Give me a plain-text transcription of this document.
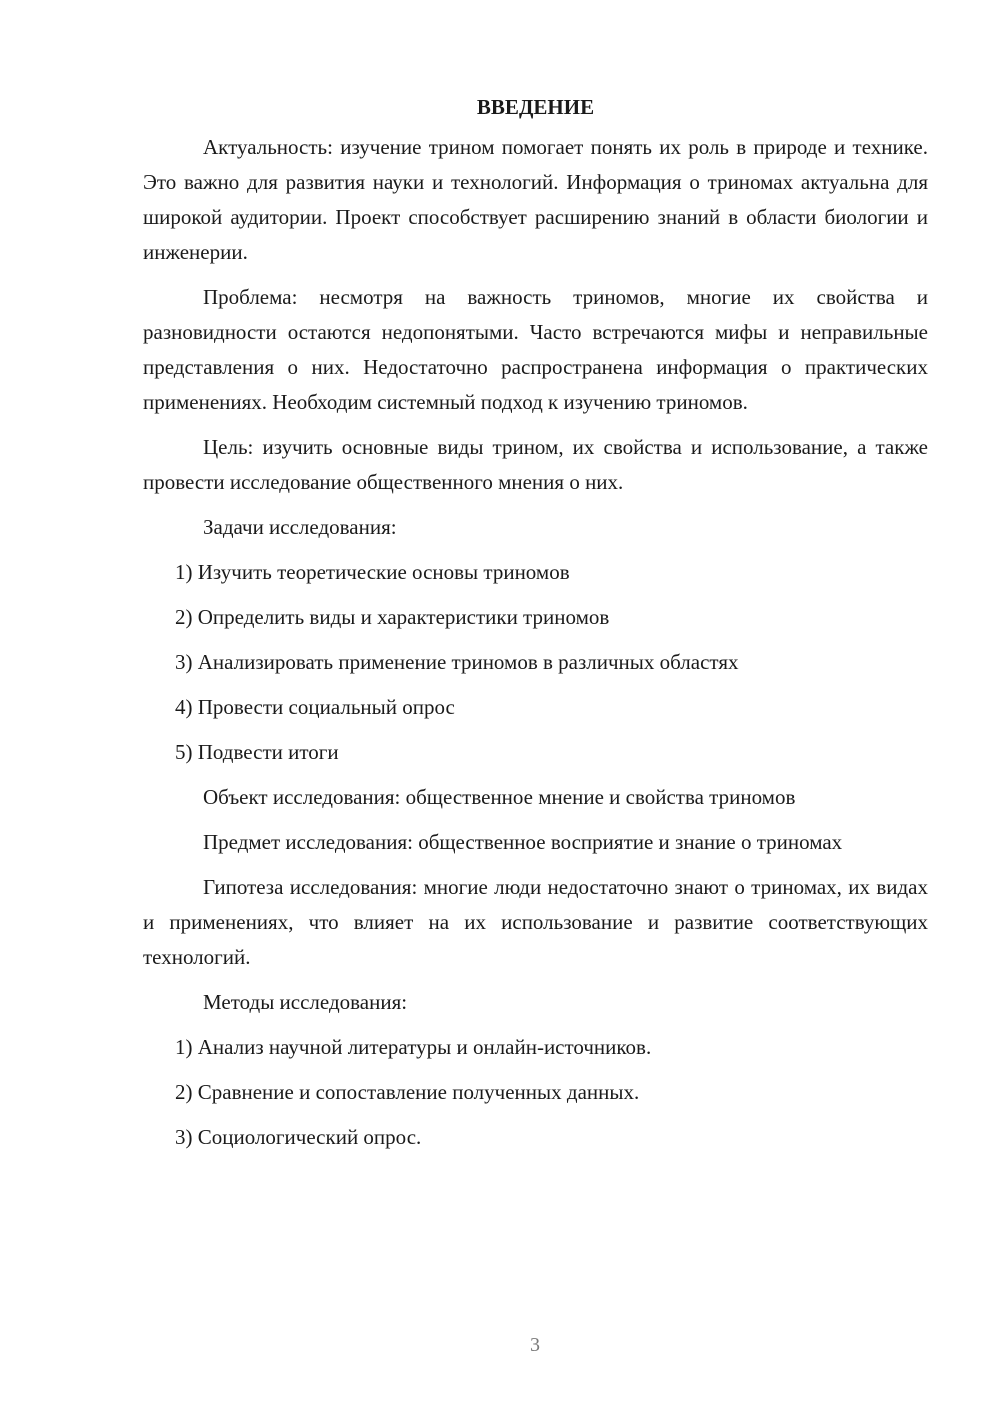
ВВЕДЕНИЕ

Актуальность: изучение трином помогает понять их роль в природе и технике. Это важно для развития науки и технологий. Информация о триномах актуальна для широкой аудитории. Проект способствует расширению знаний в области биологии и инженерии.

Проблема: несмотря на важность триномов, многие их свойства и разновидности остаются недопонятыми. Часто встречаются мифы и неправильные представления о них. Недостаточно распространена информация о практических применениях. Необходим системный подход к изучению триномов.

Цель: изучить основные виды трином, их свойства и использование, а также провести исследование общественного мнения о них.

Задачи исследования:

1) Изучить теоретические основы триномов

2) Определить виды и характеристики триномов

3) Анализировать применение триномов в различных областях

4) Провести социальный опрос

5) Подвести итоги

Объект исследования: общественное мнение и свойства триномов

Предмет исследования: общественное восприятие и знание о триномах

Гипотеза исследования: многие люди недостаточно знают о триномах, их видах и применениях, что влияет на их использование и развитие соответствующих технологий.

Методы исследования:

1) Анализ научной литературы и онлайн-источников.

2) Сравнение и сопоставление полученных данных.

3) Социологический опрос.

3
